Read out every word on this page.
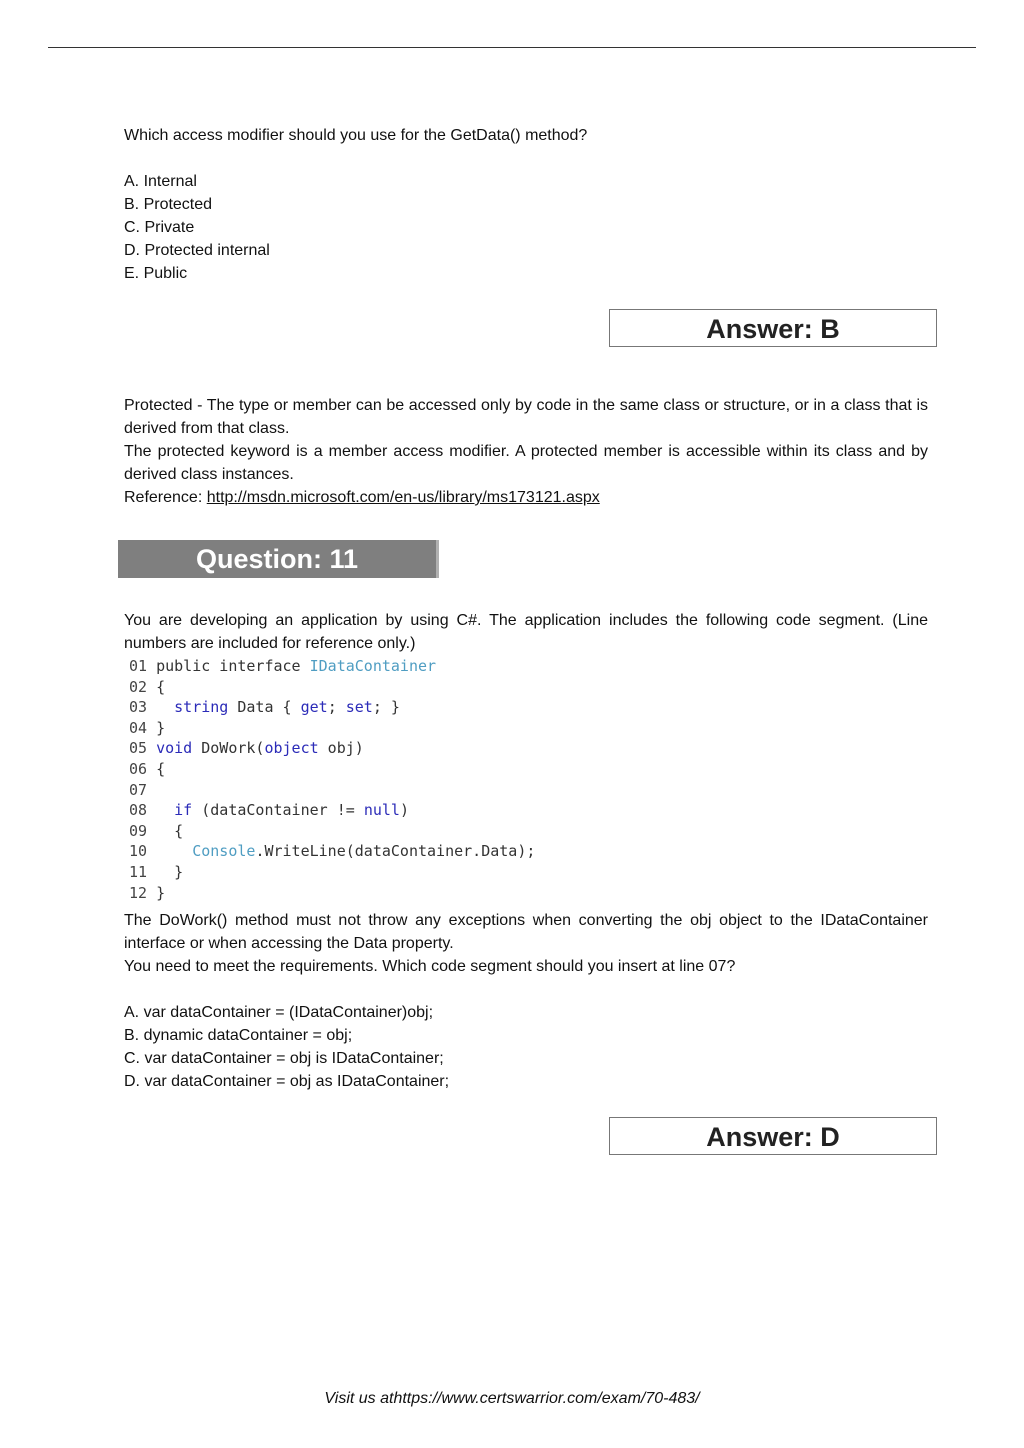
Which access modifier should you use for the GetData() method?

A. Internal

B. Protected

C. Private

D. Protected internal

E. Public

Answer: B

Protected - The type or member can be accessed only by code in the same class or structure, or in a class that is derived from that class.

The protected keyword is a member access modifier. A protected member is accessible within its class and by derived class instances.

Reference: http://msdn.microsoft.com/en-us/library/ms173121.aspx

Question: 11

You are developing an application by using C#. The application includes the following code segment. (Line numbers are included for reference only.)

01 public interface IDataContainer
02 {
03 string Data { get; set; }
04 }
05 void DoWork(object obj)
06 {
07
08 if (dataContainer != null)
09   {
10	Console.WriteLine(dataContainer.Data);
11   }
12 }

The DoWork() method must not throw any exceptions when converting the obj object to the IDataContainer interface or when accessing the Data property.

You need to meet the requirements. Which code segment should you insert at line 07?

A. var dataContainer = (IDataContainer)obj;

B. dynamic dataContainer = obj;

C. var dataContainer = obj is IDataContainer;

D. var dataContainer = obj as IDataContainer;

Answer: D
Visit us athttps://www.certswarrior.com/exam/70-483/
